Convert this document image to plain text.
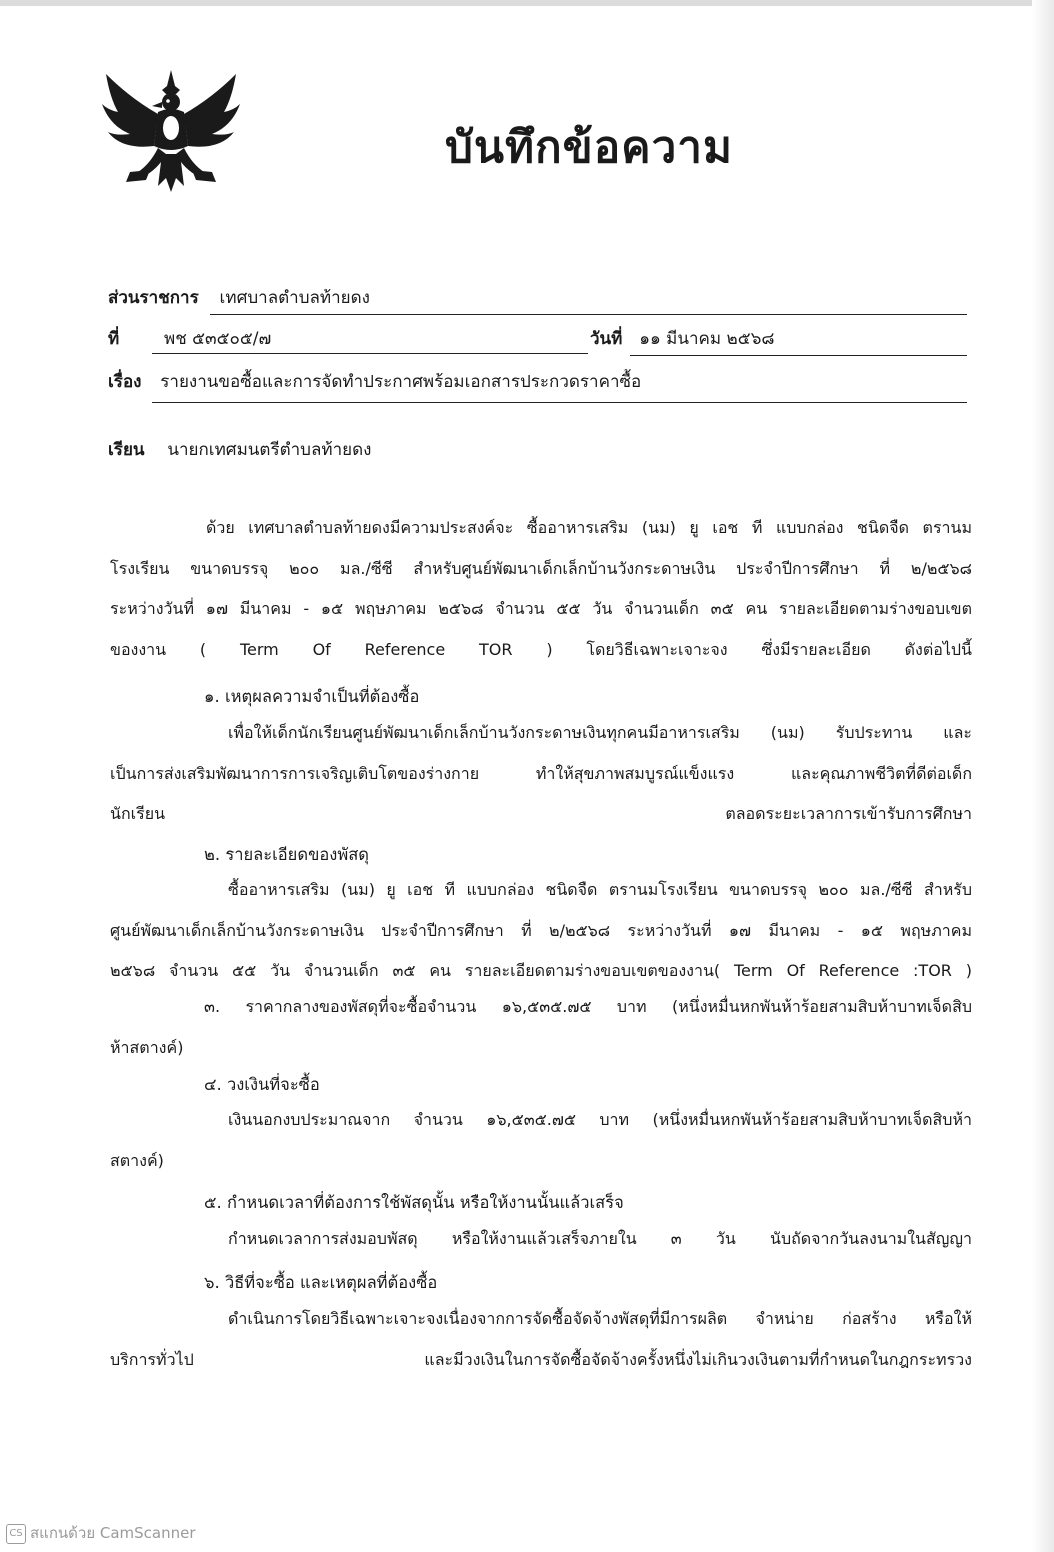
บันทึกข้อความ
ส่วนราชการ เทศบาลตำบลท้ายดง
ที่	พช ๕๓๕๐๕/๗	วันที่ ๑๑ มีนาคม ๒๕๖๘
เรื่อง รายงานขอซื้อและการจัดทำประกาศพร้อมเอกสารประกวดราคาซื้อ
เรียน นายกเทศมนตรีตำบลท้ายดง
ด้วย เทศบาลตำบลท้ายดงมีความประสงค์จะ ซื้ออาหารเสริม (นม) ยู เอช ที แบบกล่อง ชนิดจืด ตรานม
โรงเรียน ขนาดบรรจุ ๒๐๐ มล./ซีซี สำหรับศูนย์พัฒนาเด็กเล็กบ้านวังกระดาษเงิน ประจำปีการศึกษา ที่ ๒/๒๕๖๘
ระหว่างวันที่ ๑๗ มีนาคม - ๑๕ พฤษภาคม ๒๕๖๘ จำนวน ๕๕ วัน จำนวนเด็ก ๓๕ คน รายละเอียดตามร่างขอบเขต
ของงาน ( Term Of Reference TOR ) โดยวิธีเฉพาะเจาะจง ซึ่งมีรายละเอียด ดังต่อไปนี้
๑. เหตุผลความจำเป็นที่ต้องซื้อ
เพื่อให้เด็กนักเรียนศูนย์พัฒนาเด็กเล็กบ้านวังกระดาษเงินทุกคนมีอาหารเสริม (นม) รับประทาน และ
เป็นการส่งเสริมพัฒนาการการเจริญเติบโตของร่างกาย ทำให้สุขภาพสมบูรณ์แข็งแรง และคุณภาพชีวิตที่ดีต่อเด็ก
นักเรียน ตลอดระยะเวลาการเข้ารับการศึกษา
๒. รายละเอียดของพัสดุ
ซื้ออาหารเสริม (นม) ยู เอช ที แบบกล่อง ชนิดจืด ตรานมโรงเรียน ขนาดบรรจุ ๒๐๐ มล./ซีซี สำหรับ
ศูนย์พัฒนาเด็กเล็กบ้านวังกระดาษเงิน ประจำปีการศึกษา ที่ ๒/๒๕๖๘ ระหว่างวันที่ ๑๗ มีนาคม - ๑๕ พฤษภาคม
๒๕๖๘ จำนวน ๕๕ วัน จำนวนเด็ก ๓๕ คน รายละเอียดตามร่างขอบเขตของงาน( Term Of Reference :TOR )
๓. ราคากลางของพัสดุที่จะซื้อจำนวน ๑๖,๕๓๕.๗๕ บาท (หนึ่งหมื่นหกพันห้าร้อยสามสิบห้าบาทเจ็ดสิบ
ห้าสตางค์)
๔. วงเงินที่จะซื้อ
เงินนอกงบประมาณจาก จำนวน ๑๖,๕๓๕.๗๕ บาท (หนึ่งหมื่นหกพันห้าร้อยสามสิบห้าบาทเจ็ดสิบห้า
สตางค์)
๕. กำหนดเวลาที่ต้องการใช้พัสดุนั้น หรือให้งานนั้นแล้วเสร็จ
กำหนดเวลาการส่งมอบพัสดุ หรือให้งานแล้วเสร็จภายใน ๓ วัน นับถัดจากวันลงนามในสัญญา
๖. วิธีที่จะซื้อ และเหตุผลที่ต้องซื้อ
ดำเนินการโดยวิธีเฉพาะเจาะจงเนื่องจากการจัดซื้อจัดจ้างพัสดุที่มีการผลิต จำหน่าย ก่อสร้าง หรือให้
บริการทั่วไป และมีวงเงินในการจัดซื้อจัดจ้างครั้งหนึ่งไม่เกินวงเงินตามที่กำหนดในกฎกระทรวง
CS สแกนด้วย CamScanner
